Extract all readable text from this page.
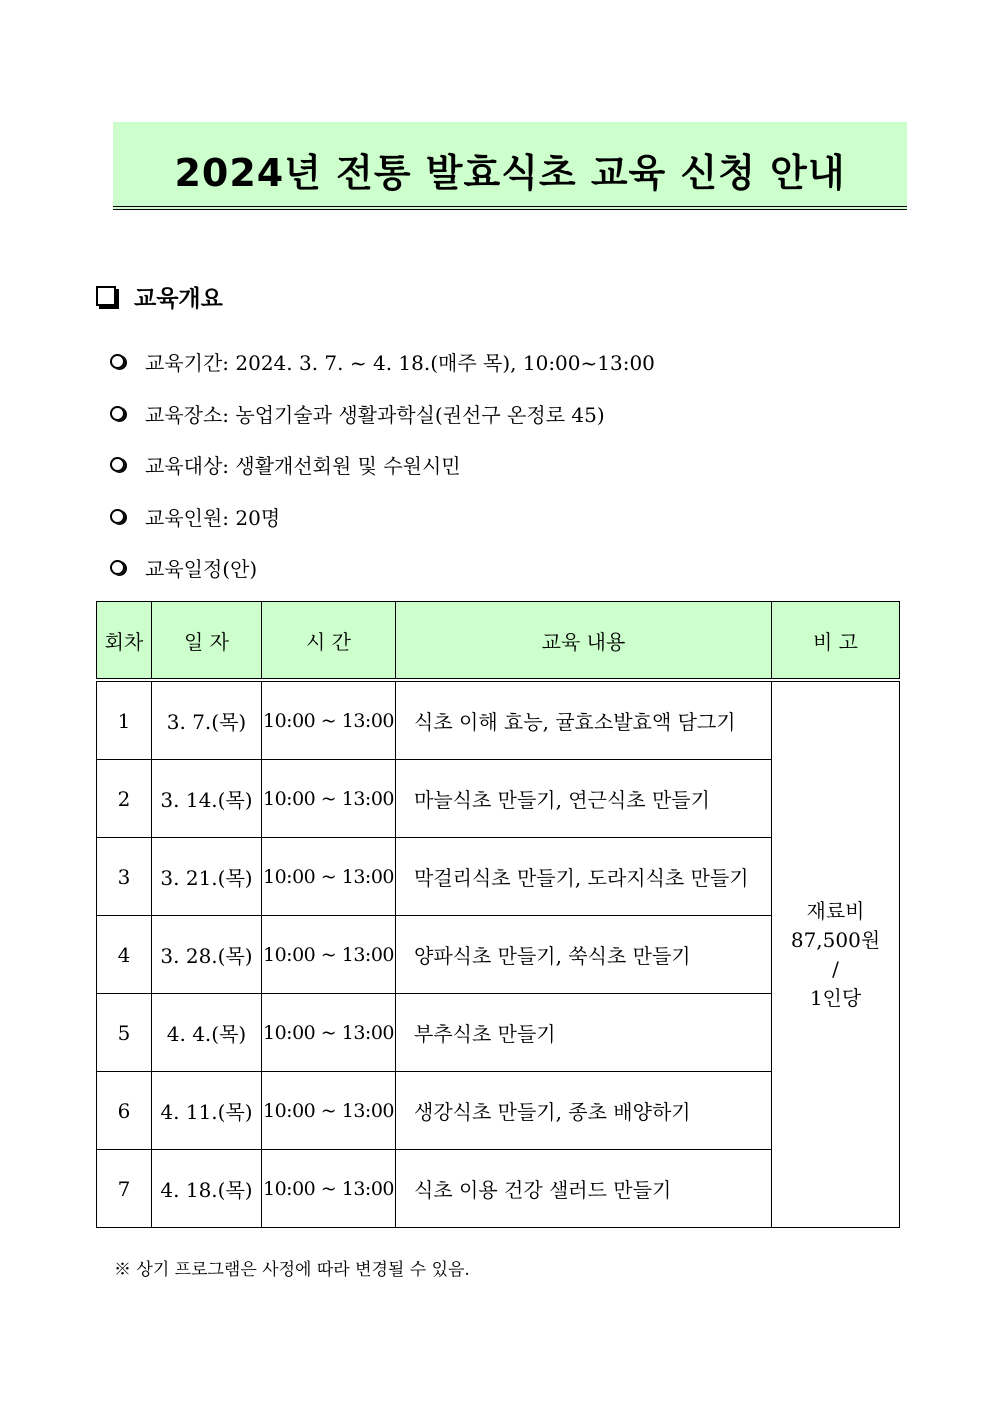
2024년 전통 발효식초 교육 신청 안내
교육개요
교육기간: 2024. 3. 7. ~ 4. 18.(매주 목), 10:00~13:00
교육장소: 농업기술과 생활과학실(권선구 온정로 45)
교육대상: 생활개선회원 및 수원시민
교육인원: 20명
교육일정(안)
회차	일 자	시 간	교육 내용	비 고
1	3. 7.(목)	10:00 ~ 13:00	식초 이해 효능, 귤효소발효액 담그기	재료비
87,500원
/
1인당

2	3. 14.(목)	10:00 ~ 13:00	마늘식초 만들기, 연근식초 만들기	
3	3. 21.(목)	10:00 ~ 13:00	막걸리식초 만들기, 도라지식초 만들기	
4	3. 28.(목)	10:00 ~ 13:00	양파식초 만들기, 쑥식초 만들기	
5	4. 4.(목)	10:00 ~ 13:00	부추식초 만들기	
6	4. 11.(목)	10:00 ~ 13:00	생강식초 만들기, 종초 배양하기	
7	4. 18.(목)	10:00 ~ 13:00	식초 이용 건강 샐러드 만들기	
※ 상기 프로그램은 사정에 따라 변경될 수 있음.
